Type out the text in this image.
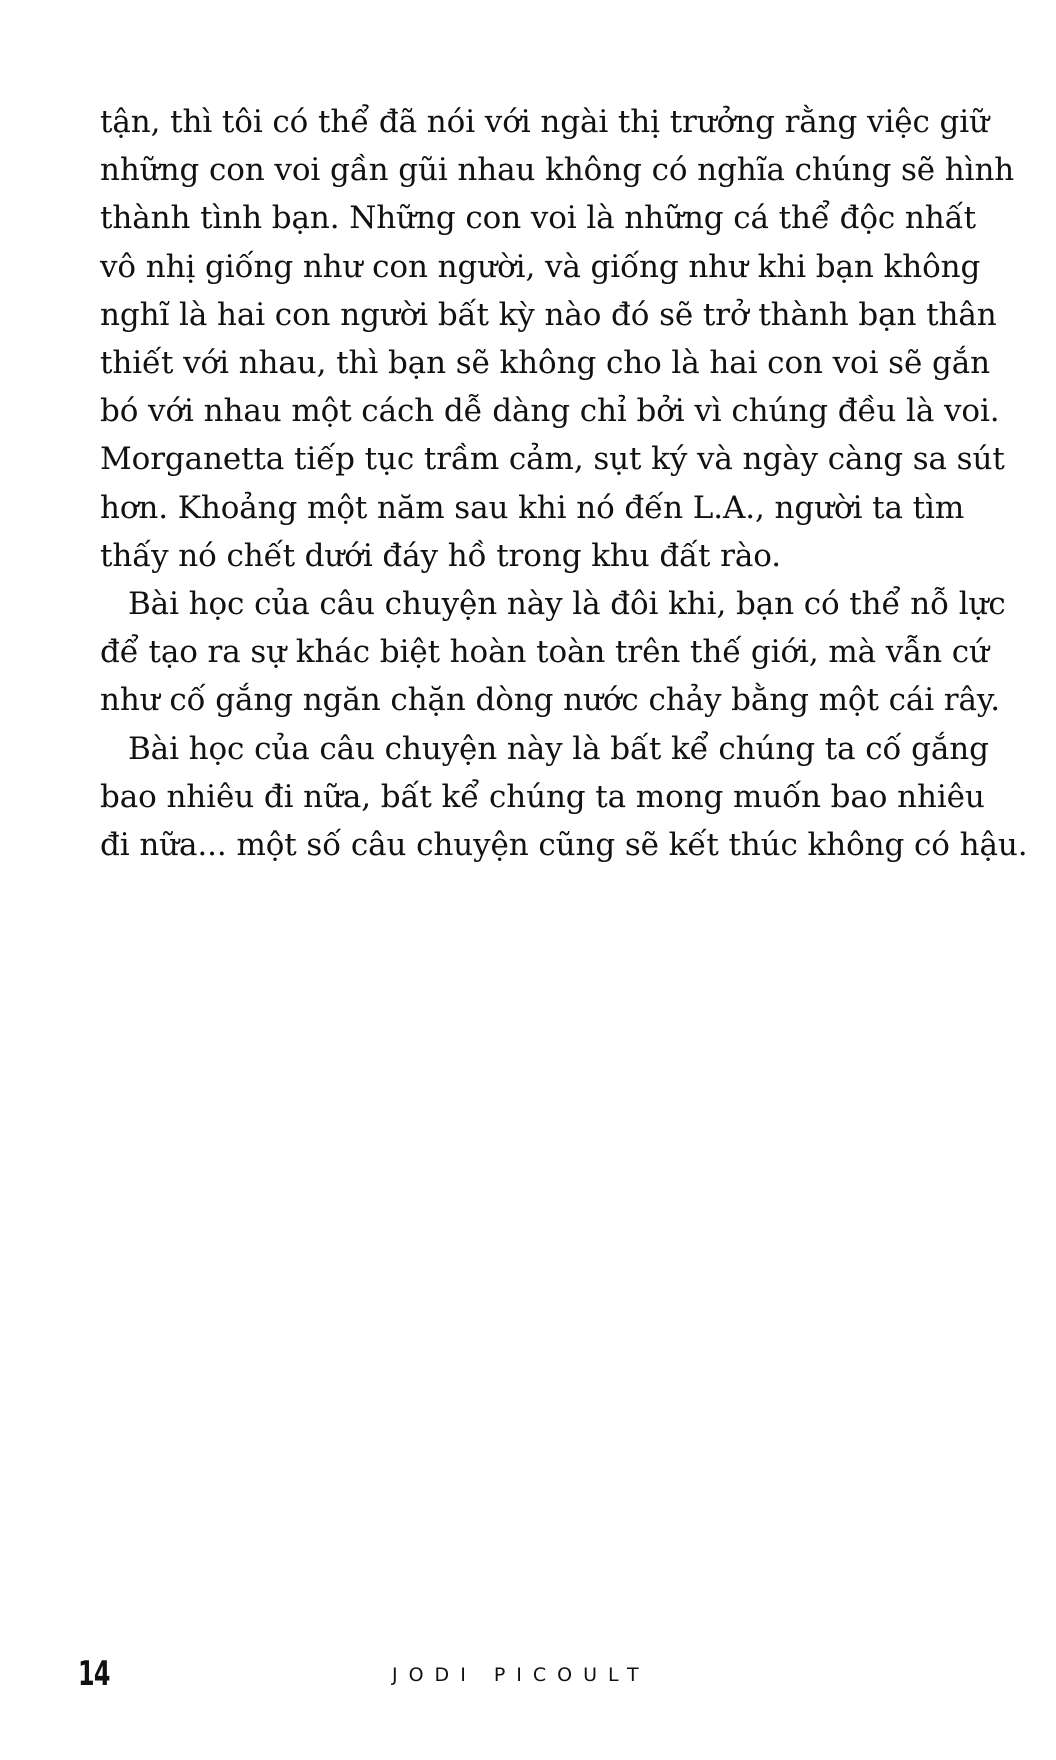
tận, thì tôi có thể đã nói với ngài thị trưởng rằng việc giữ
những con voi gần gũi nhau không có nghĩa chúng sẽ hình
thành tình bạn. Những con voi là những cá thể độc nhất
vô nhị giống như con người, và giống như khi bạn không
nghĩ là hai con người bất kỳ nào đó sẽ trở thành bạn thân
thiết với nhau, thì bạn sẽ không cho là hai con voi sẽ gắn
bó với nhau một cách dễ dàng chỉ bởi vì chúng đều là voi.
Morganetta tiếp tục trầm cảm, sụt ký và ngày càng sa sút
hơn. Khoảng một năm sau khi nó đến L.A., người ta tìm
thấy nó chết dưới đáy hồ trong khu đất rào.

Bài học của câu chuyện này là đôi khi, bạn có thể nỗ lực
để tạo ra sự khác biệt hoàn toàn trên thế giới, mà vẫn cứ
như cố gắng ngăn chặn dòng nước chảy bằng một cái rây.

Bài học của câu chuyện này là bất kể chúng ta cố gắng
bao nhiêu đi nữa, bất kể chúng ta mong muốn bao nhiêu
đi nữa... một số câu chuyện cũng sẽ kết thúc không có hậu.

14	JODI PICOULT
